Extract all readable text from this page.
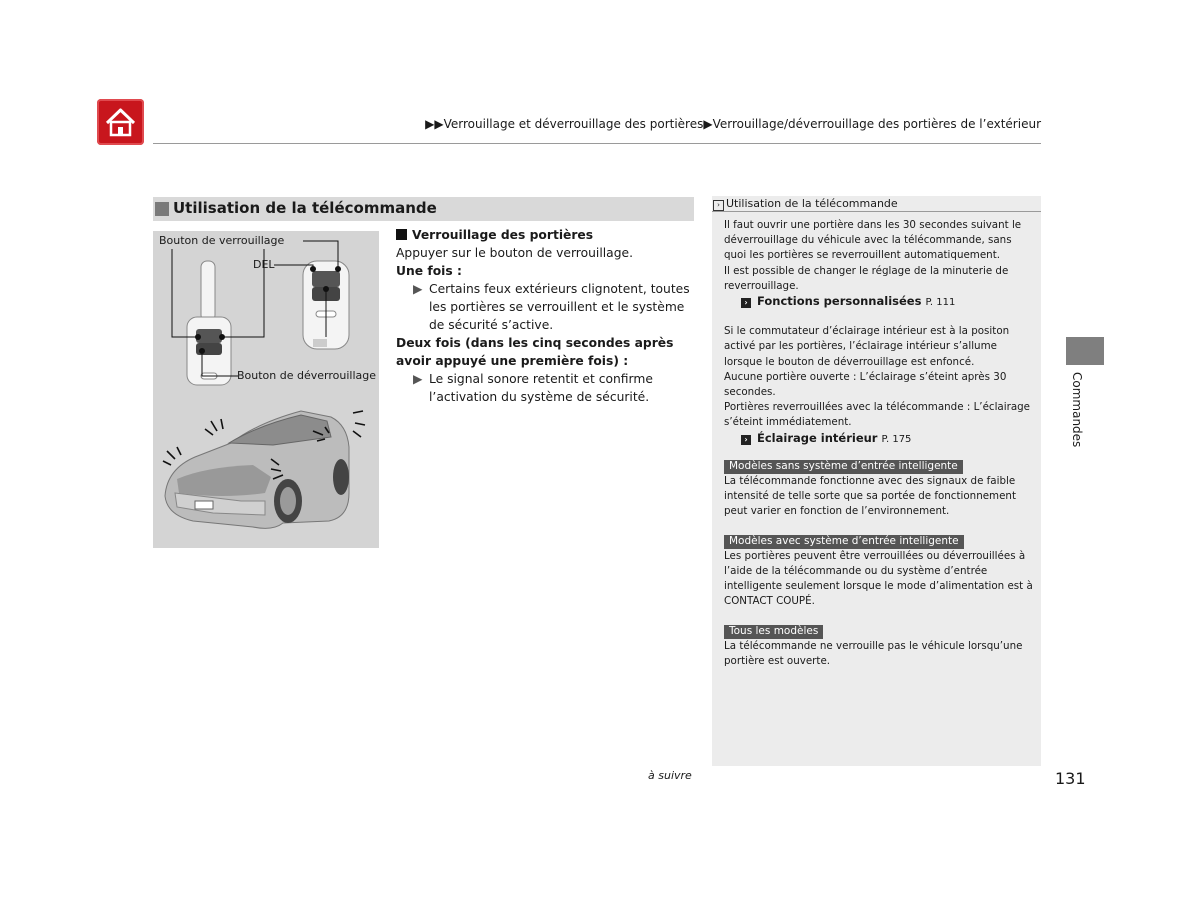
▶▶Verrouillage et déverrouillage des portières▶Verrouillage/déverrouillage des portières de l’extérieur
Utilisation de la télécommande
Bouton de verrouillage
DEL
Bouton de déverrouillage
Verrouillage des portières
Appuyer sur le bouton de verrouillage.
Une fois :
▶ Certains feux extérieurs clignotent, toutes les portières se verrouillent et le système de sécurité s’active.
Deux fois (dans les cinq secondes après avoir appuyé une première fois) :
▶ Le signal sonore retentit et confirme l’activation du système de sécurité.
› Utilisation de la télécommande

Il faut ouvrir une portière dans les 30 secondes suivant le déverrouillage du véhicule avec la télécommande, sans quoi les portières se reverrouillent automatiquement.

Il est possible de changer le réglage de la minuterie de reverrouillage.

› Fonctions personnalisées P. 111

Si le commutateur d’éclairage intérieur est à la positon activé par les portières, l’éclairage intérieur s’allume lorsque le bouton de déverrouillage est enfoncé.

Aucune portière ouverte : L’éclairage s’éteint après 30 secondes.

Portières reverrouillées avec la télécommande : L’éclairage s’éteint immédiatement.

› Éclairage intérieur P. 175
Modèles sans système d’entrée intelligente

La télécommande fonctionne avec des signaux de faible intensité de telle sorte que sa portée de fonctionnement peut varier en fonction de l’environnement.

Modèles avec système d’entrée intelligente

Les portières peuvent être verrouillées ou déverrouillées à l’aide de la télécommande ou du système d’entrée intelligente seulement lorsque le mode d’alimentation est à CONTACT COUPÉ.

Tous les modèles

La télécommande ne verrouille pas le véhicule lorsqu’une portière est ouverte.

Commandes
à suivre	131
